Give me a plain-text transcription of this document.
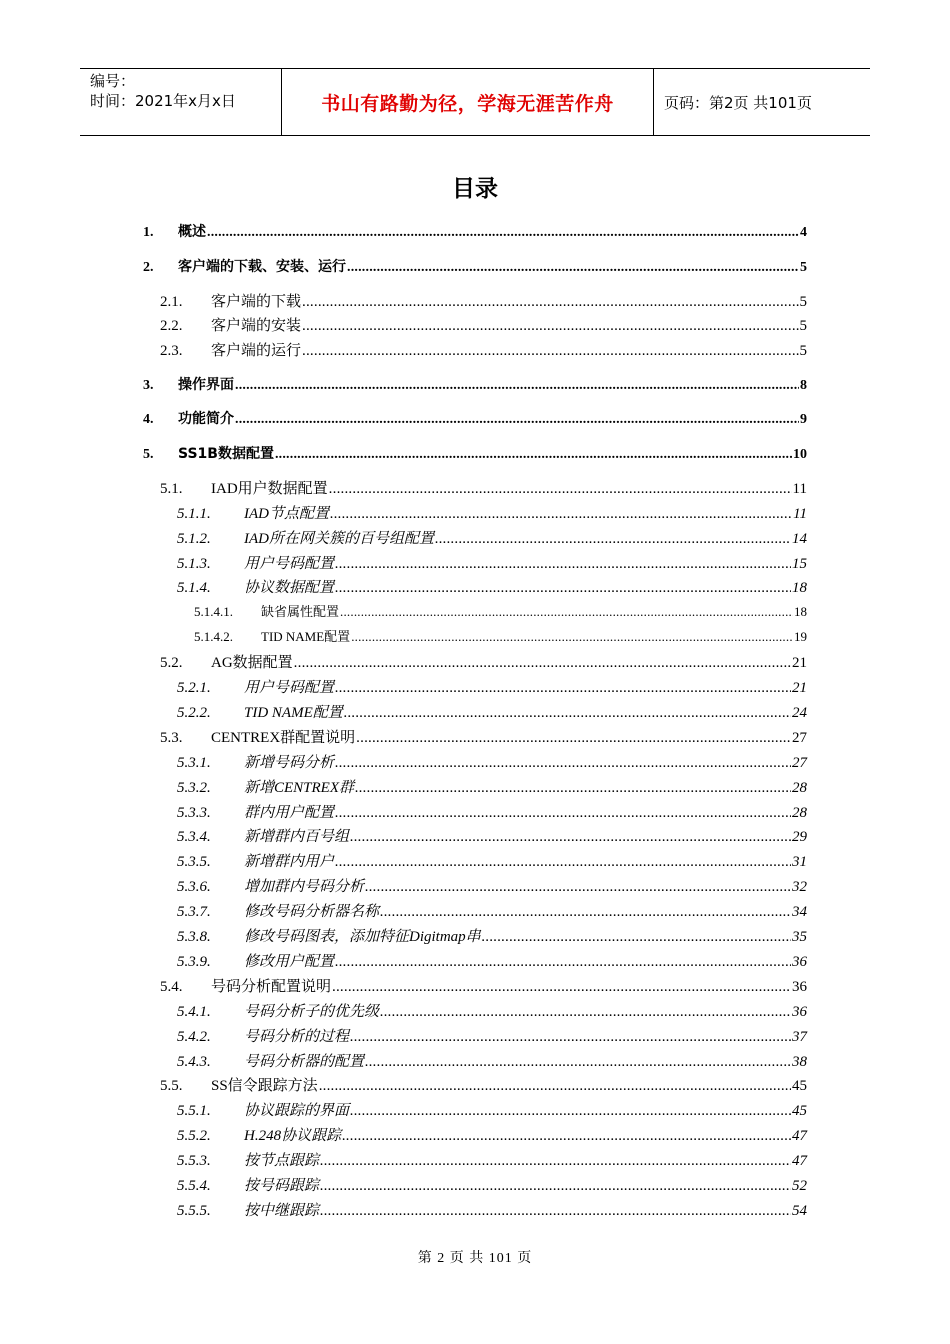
编号：
时间：2021年x月x日	书山有路勤为径，学海无涯苦作舟	页码：第2页 共101页
目录
1.	概述 .....	4
2.	客户端的下载、安装、运行 .....	5
2.1.	客户端的下载 .....	5
2.2.	客户端的安装 .....	5
2.3.	客户端的运行 .....	5
3.	操作界面 .....	8
4.	功能简介 .....	9
5.	SS1B数据配置 .....	10
5.1.	IAD用户数据配置 .....	11
5.1.1.	IAD节点配置 .....	11
5.1.2.	IAD所在网关簇的百号组配置 .....	14
5.1.3.	用户号码配置 .....	15
5.1.4.	协议数据配置 .....	18
5.1.4.1.	缺省属性配置 .....	18
5.1.4.2.	TID NAME配置 .....	19
5.2.	AG数据配置 .....	21
5.2.1.	用户号码配置 .....	21
5.2.2.	TID NAME配置 .....	24
5.3.	CENTREX群配置说明 .....	27
5.3.1.	新增号码分析 .....	27
5.3.2.	新增CENTREX群 .....	28
5.3.3.	群内用户配置 .....	28
5.3.4.	新增群内百号组 .....	29
5.3.5.	新增群内用户 .....	31
5.3.6.	增加群内号码分析 .....	32
5.3.7.	修改号码分析器名称 .....	34
5.3.8.	修改号码图表，添加特征Digitmap串 .....	35
5.3.9.	修改用户配置 .....	36
5.4.	号码分析配置说明 .....	36
5.4.1.	号码分析子的优先级 .....	36
5.4.2.	号码分析的过程 .....	37
5.4.3.	号码分析器的配置 .....	38
5.5.	SS信令跟踪方法 .....	45
5.5.1.	协议跟踪的界面 .....	45
5.5.2.	H.248协议跟踪 .....	47
5.5.3.	按节点跟踪 .....	47
5.5.4.	按号码跟踪 .....	52
5.5.5.	按中继跟踪 .....	54
第 2 页 共 101 页
